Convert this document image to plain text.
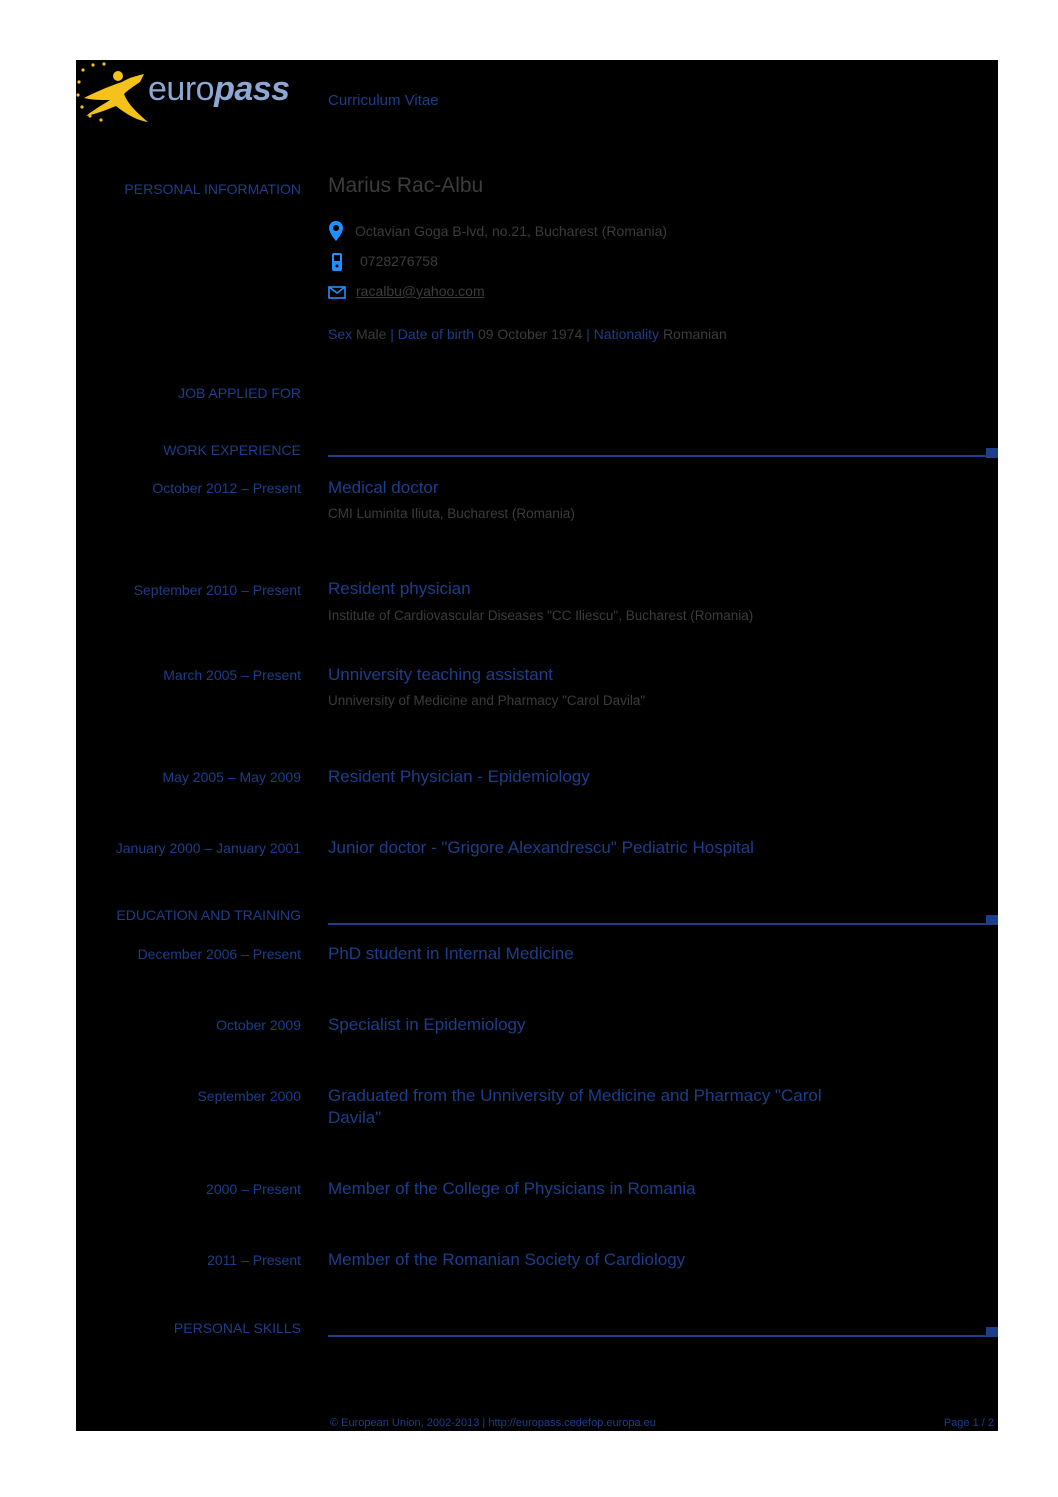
europass	Curriculum Vitae
PERSONAL INFORMATION Marius Rac-Albu
Octavian Goga B-lvd, no.21, Bucharest (Romania)
0728276758
racalbu@yahoo.com
Sex Male | Date of birth 09 October 1974 | Nationality Romanian
JOB APPLIED FOR
WORK EXPERIENCE
October 2012 – Present Medical doctor
CMI Luminita Iliuta, Bucharest (Romania)
September 2010 – Present Resident physician
Institute of Cardiovascular Diseases "CC Iliescu", Bucharest (Romania)
March 2005 – Present Unniversity teaching assistant
Unniversity of Medicine and Pharmacy "Carol Davila"
May 2005 – May 2009 Resident Physician - Epidemiology
January 2000 – January 2001 Junior doctor - "Grigore Alexandrescu" Pediatric Hospital
EDUCATION AND TRAINING
December 2006 – Present PhD student in Internal Medicine
October 2009 Specialist in Epidemiology
September 2000 Graduated from the Unniversity of Medicine and Pharmacy "Carol
Davila"
2000 – Present Member of the College of Physicians in Romania
2011 – Present Member of the Romanian Society of Cardiology
PERSONAL SKILLS
© European Union, 2002-2013 | http://europass.cedefop.europa.eu	Page 1 / 2
